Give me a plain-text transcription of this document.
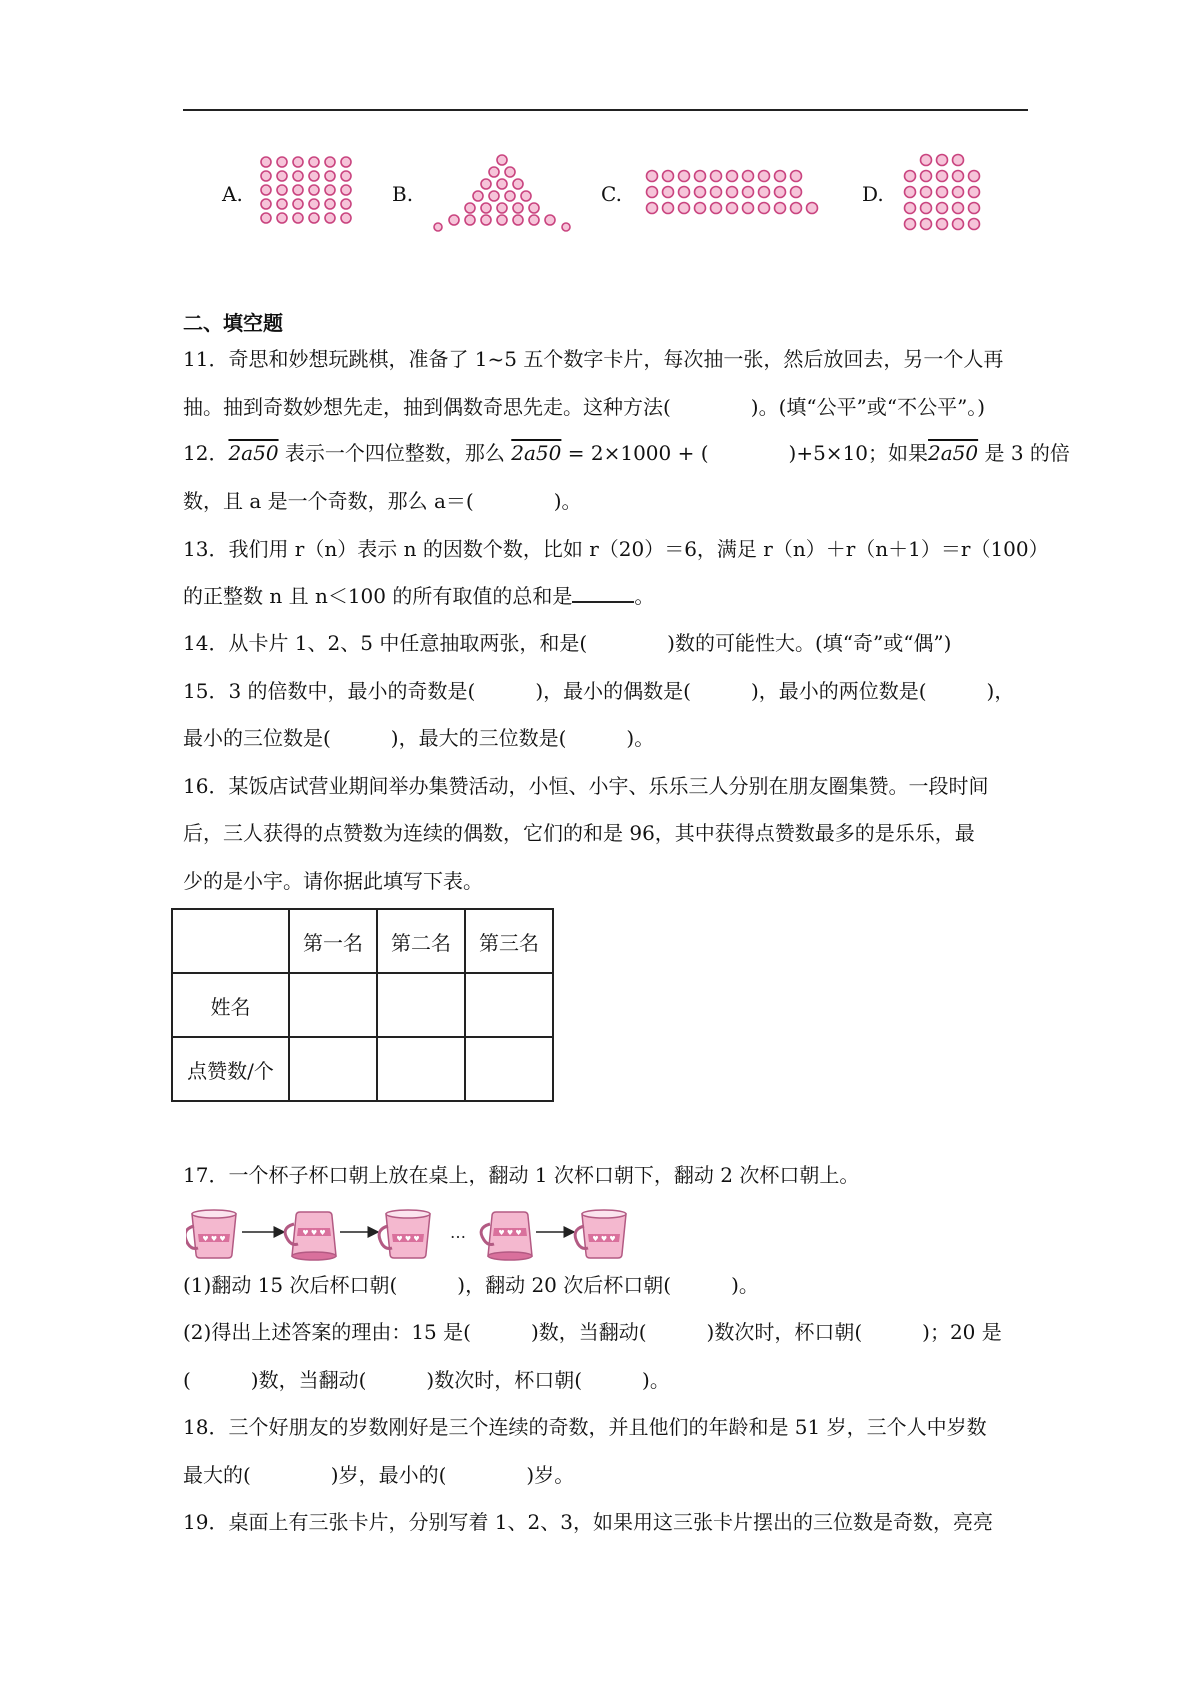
A.	B.	C.	D.
二、填空题
11．奇思和妙想玩跳棋，准备了 1~5 五个数字卡片，每次抽一张，然后放回去，另一个人再
抽。抽到奇数妙想先走，抽到偶数奇思先走。这种方法(　　　　)。(填“公平”或“不公平”。)
12．2a50 表示一个四位整数，那么 2a50 = 2×1000 + (　　　　)+5×10；如果2a50 是 3 的倍
数，且 a 是一个奇数，那么 a＝(　　　　)。
13．我们用 r（n）表示 n 的因数个数，比如 r（20）＝6，满足 r（n）＋r（n＋1）＝r（100）
的正整数 n 且 n＜100 的所有取值的总和是	。
14．从卡片 1、2、5 中任意抽取两张，和是(　　　　)数的可能性大。(填“奇”或“偶”)
15．3 的倍数中，最小的奇数是(　　　)，最小的偶数是(　　　)，最小的两位数是(　　　)，
最小的三位数是(　　　)，最大的三位数是(　　　)。
16．某饭店试营业期间举办集赞活动，小恒、小宇、乐乐三人分别在朋友圈集赞。一段时间
后，三人获得的点赞数为连续的偶数，它们的和是 96，其中获得点赞数最多的是乐乐，最
少的是小宇。请你据此填写下表。
	第一名	第二名	第三名
姓名			
点赞数/个			
17．一个杯子杯口朝上放在桌上，翻动 1 次杯口朝下，翻动 2 次杯口朝上。
…
(1)翻动 15 次后杯口朝(　　　)，翻动 20 次后杯口朝(　　　)。
(2)得出上述答案的理由：15 是(　　　)数，当翻动(　　　)数次时，杯口朝(　　　)；20 是
(　　　)数，当翻动(　　　)数次时，杯口朝(　　　)。
18．三个好朋友的岁数刚好是三个连续的奇数，并且他们的年龄和是 51 岁，三个人中岁数
最大的(　　　　)岁，最小的(　　　　)岁。
19．桌面上有三张卡片，分别写着 1、2、3，如果用这三张卡片摆出的三位数是奇数，亮亮
